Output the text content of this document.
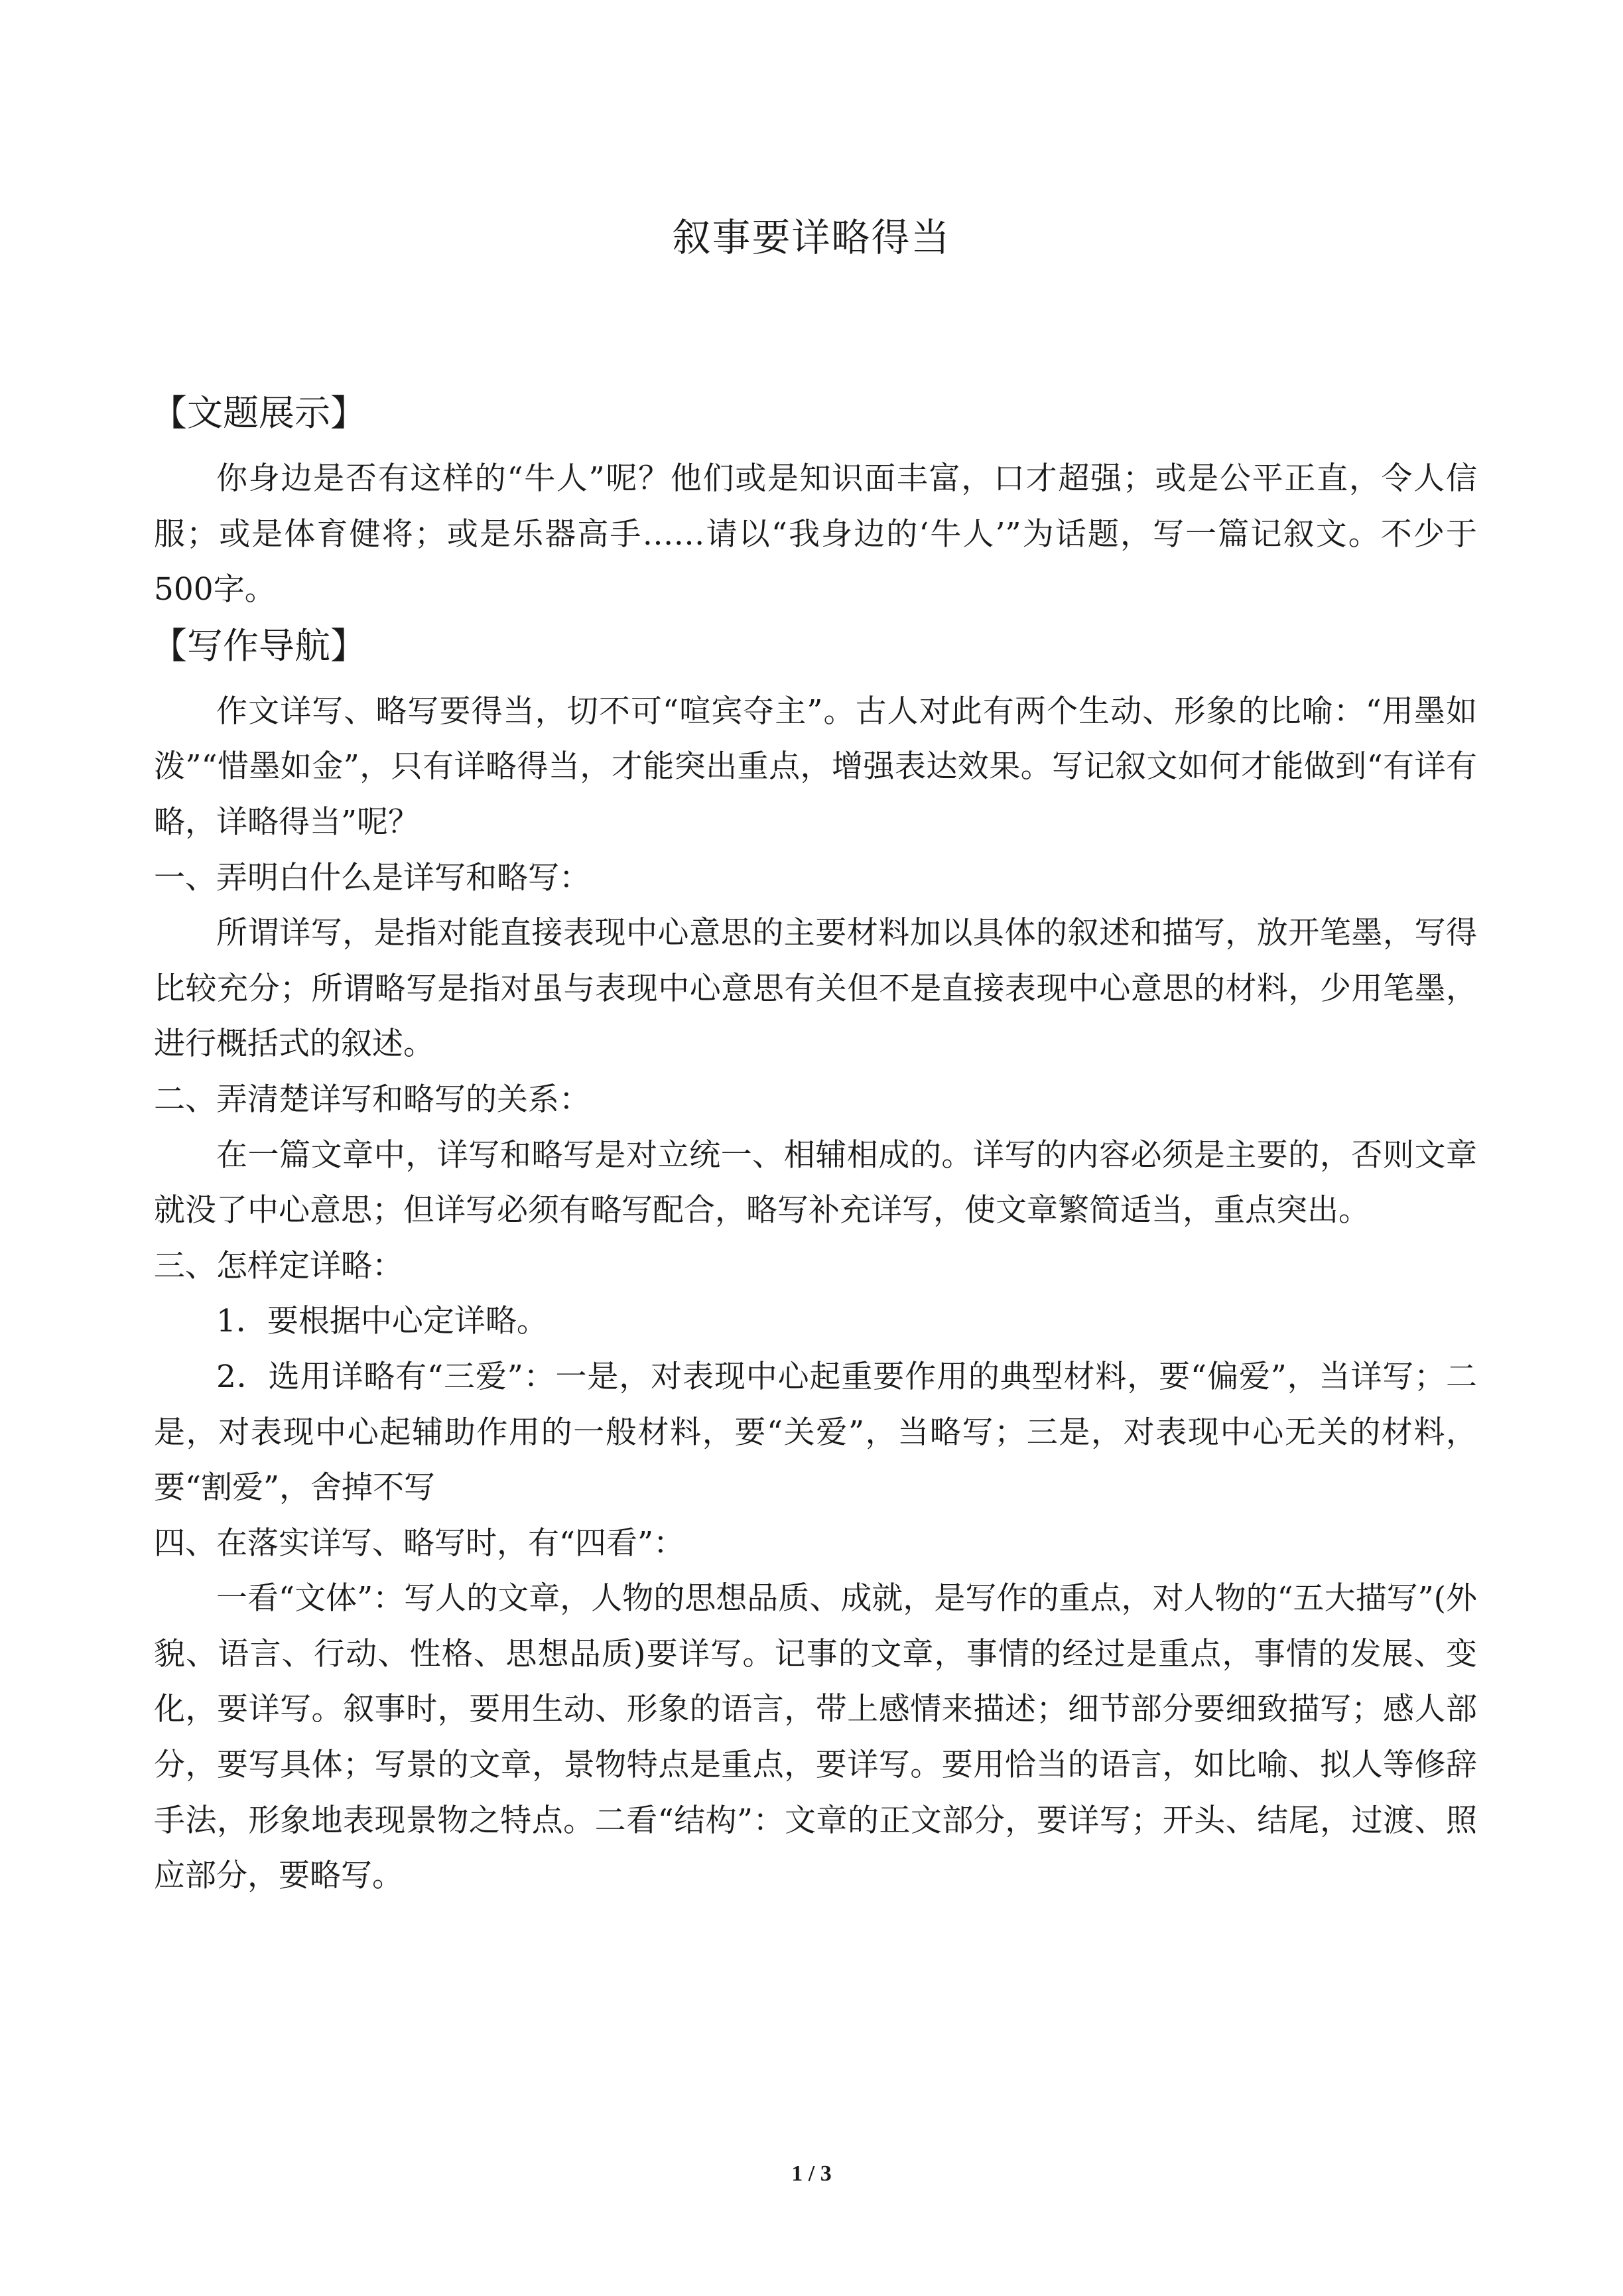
叙事要详略得当
【文题展示】

你身边是否有这样的“牛人”呢？他们或是知识面丰富，口才超强；或是公平正直，令人信服；或是体育健将；或是乐器高手……请以“我身边的‘牛人’”为话题，写一篇记叙文。不少于500字。

【写作导航】

作文详写、略写要得当，切不可“喧宾夺主”。古人对此有两个生动、形象的比喻：“用墨如泼”“惜墨如金”，只有详略得当，才能突出重点，增强表达效果。写记叙文如何才能做到“有详有略，详略得当”呢？

一、弄明白什么是详写和略写：

所谓详写，是指对能直接表现中心意思的主要材料加以具体的叙述和描写，放开笔墨，写得比较充分；所谓略写是指对虽与表现中心意思有关但不是直接表现中心意思的材料，少用笔墨，进行概括式的叙述。

二、弄清楚详写和略写的关系：

在一篇文章中，详写和略写是对立统一、相辅相成的。详写的内容必须是主要的，否则文章就没了中心意思；但详写必须有略写配合，略写补充详写，使文章繁简适当，重点突出。

三、怎样定详略：

1．要根据中心定详略。

2．选用详略有“三爱”：一是，对表现中心起重要作用的典型材料，要“偏爱”，当详写；二是，对表现中心起辅助作用的一般材料，要“关爱”，当略写；三是，对表现中心无关的材料，要“割爱”，舍掉不写

四、在落实详写、略写时，有“四看”：

一看“文体”：写人的文章，人物的思想品质、成就，是写作的重点，对人物的“五大描写”(外貌、语言、行动、性格、思想品质)要详写。记事的文章，事情的经过是重点，事情的发展、变化，要详写。叙事时，要用生动、形象的语言，带上感情来描述；细节部分要细致描写；感人部分，要写具体；写景的文章，景物特点是重点，要详写。要用恰当的语言，如比喻、拟人等修辞手法，形象地表现景物之特点。二看“结构”：文章的正文部分，要详写；开头、结尾，过渡、照应部分，要略写。

1 / 3
